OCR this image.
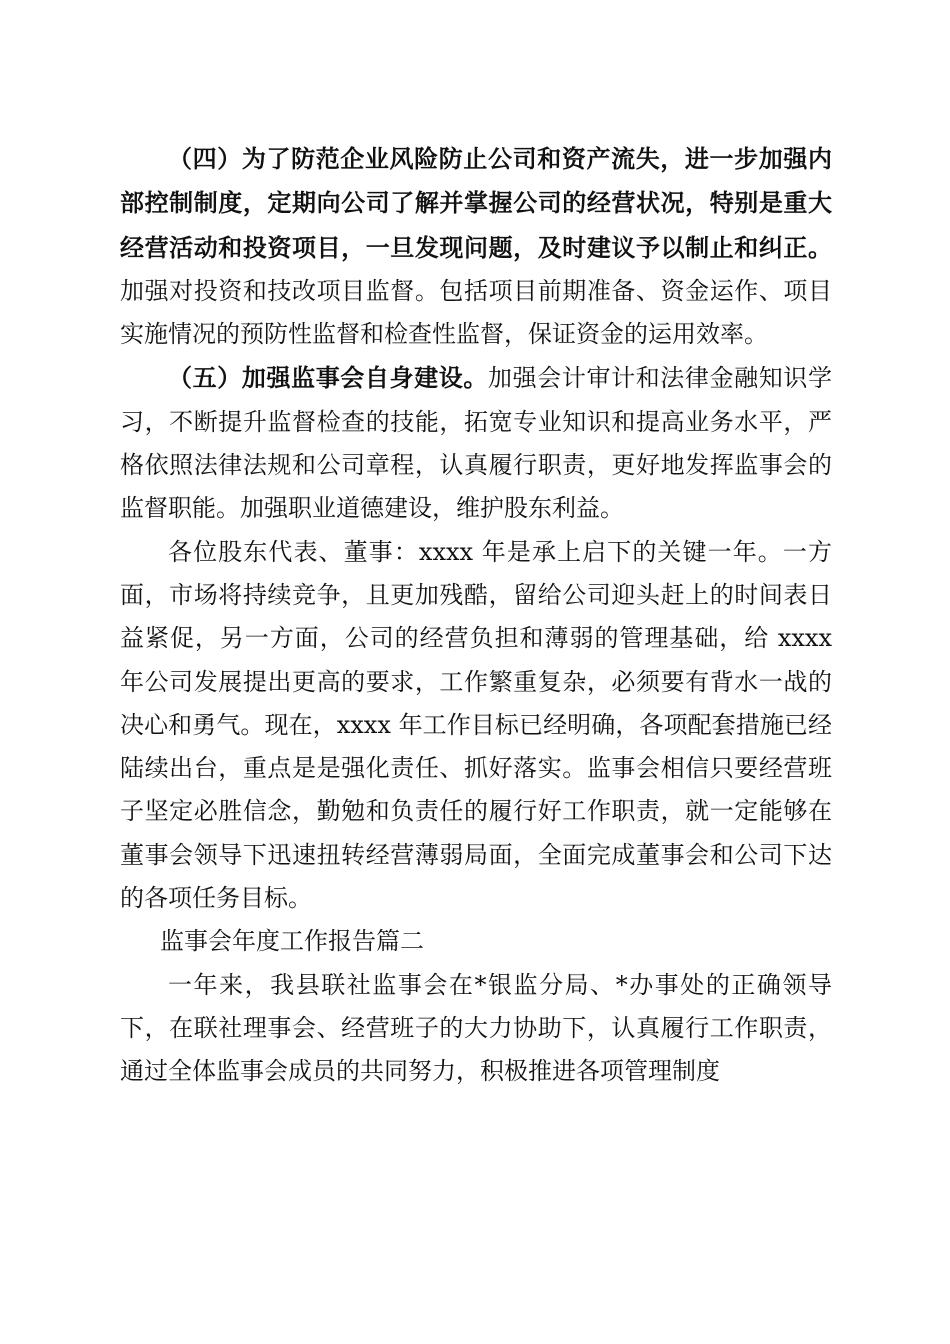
（四）为了防范企业风险防止公司和资产流失，进一步加强内部控制制度，定期向公司了解并掌握公司的经营状况，特别是重大经营活动和投资项目，一旦发现问题，及时建议予以制止和纠正。加强对投资和技改项目监督。包括项目前期准备、资金运作、项目实施情况的预防性监督和检查性监督，保证资金的运用效率。

（五）加强监事会自身建设。加强会计审计和法律金融知识学习，不断提升监督检查的技能，拓宽专业知识和提高业务水平，严格依照法律法规和公司章程，认真履行职责，更好地发挥监事会的监督职能。加强职业道德建设，维护股东利益。

各位股东代表、董事：xxxx 年是承上启下的关键一年。一方面，市场将持续竞争，且更加残酷，留给公司迎头赶上的时间表日益紧促，另一方面，公司的经营负担和薄弱的管理基础，给 xxxx 年公司发展提出更高的要求，工作繁重复杂，必须要有背水一战的决心和勇气。现在，xxxx 年工作目标已经明确，各项配套措施已经陆续出台，重点是是强化责任、抓好落实。监事会相信只要经营班子坚定必胜信念，勤勉和负责任的履行好工作职责，就一定能够在董事会领导下迅速扭转经营薄弱局面，全面完成董事会和公司下达的各项任务目标。

监事会年度工作报告篇二

一年来，我县联社监事会在*银监分局、*办事处的正确领导下，在联社理事会、经营班子的大力协助下，认真履行工作职责，通过全体监事会成员的共同努力，积极推进各项管理制度
